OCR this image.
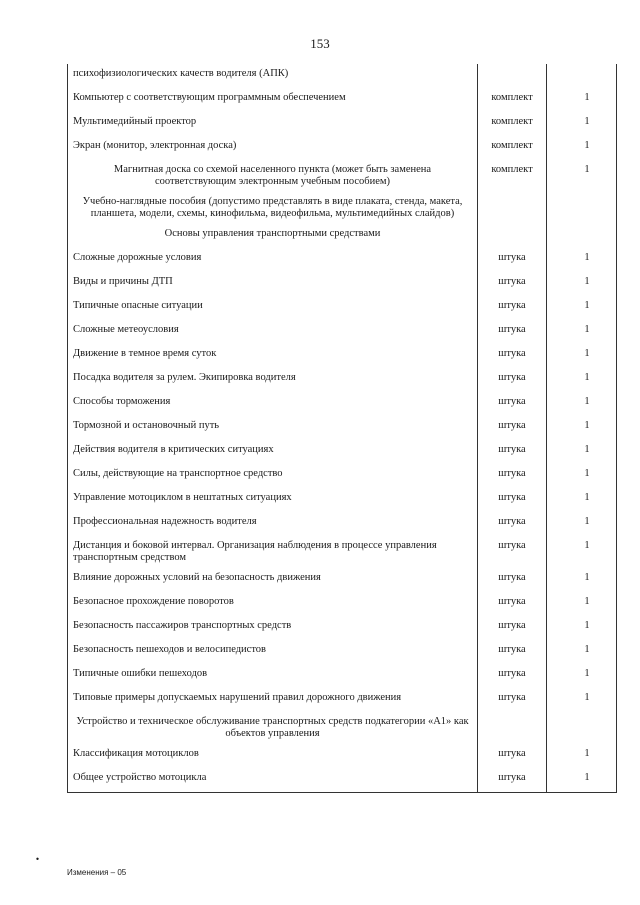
153
психофизиологических качеств водителя (АПК)		
Компьютер с соответствующим программным обеспечением	комплект	1
Мультимедийный проектор	комплект	1
Экран (монитор, электронная доска)	комплект	1
Магнитная доска со схемой населенного пункта (может быть заменена соответствующим электронным учебным пособием)	комплект	1
Учебно-наглядные пособия (допустимо представлять в виде плаката, стенда, макета, планшета, модели, схемы, кинофильма, видеофильма, мультимедийных слайдов)		
Основы управления транспортными средствами		
Сложные дорожные условия	штука	1
Виды и причины ДТП	штука	1
Типичные опасные ситуации	штука	1
Сложные метеоусловия	штука	1
Движение в темное время суток	штука	1
Посадка водителя за рулем. Экипировка водителя	штука	1
Способы торможения	штука	1
Тормозной и остановочный путь	штука	1
Действия водителя в критических ситуациях	штука	1
Силы, действующие на транспортное средство	штука	1
Управление мотоциклом в нештатных ситуациях	штука	1
Профессиональная надежность водителя	штука	1
Дистанция и боковой интервал. Организация наблюдения в процессе управления транспортным средством	штука	1
Влияние дорожных условий на безопасность движения	штука	1
Безопасное прохождение поворотов	штука	1
Безопасность пассажиров транспортных средств	штука	1
Безопасность пешеходов и велосипедистов	штука	1
Типичные ошибки пешеходов	штука	1
Типовые примеры допускаемых нарушений правил дорожного движения	штука	1
Устройство и техническое обслуживание транспортных средств подкатегории «A1» как объектов управления		
Классификация мотоциклов	штука	1
Общее устройство мотоцикла	штука	1
•
Изменения – 05
